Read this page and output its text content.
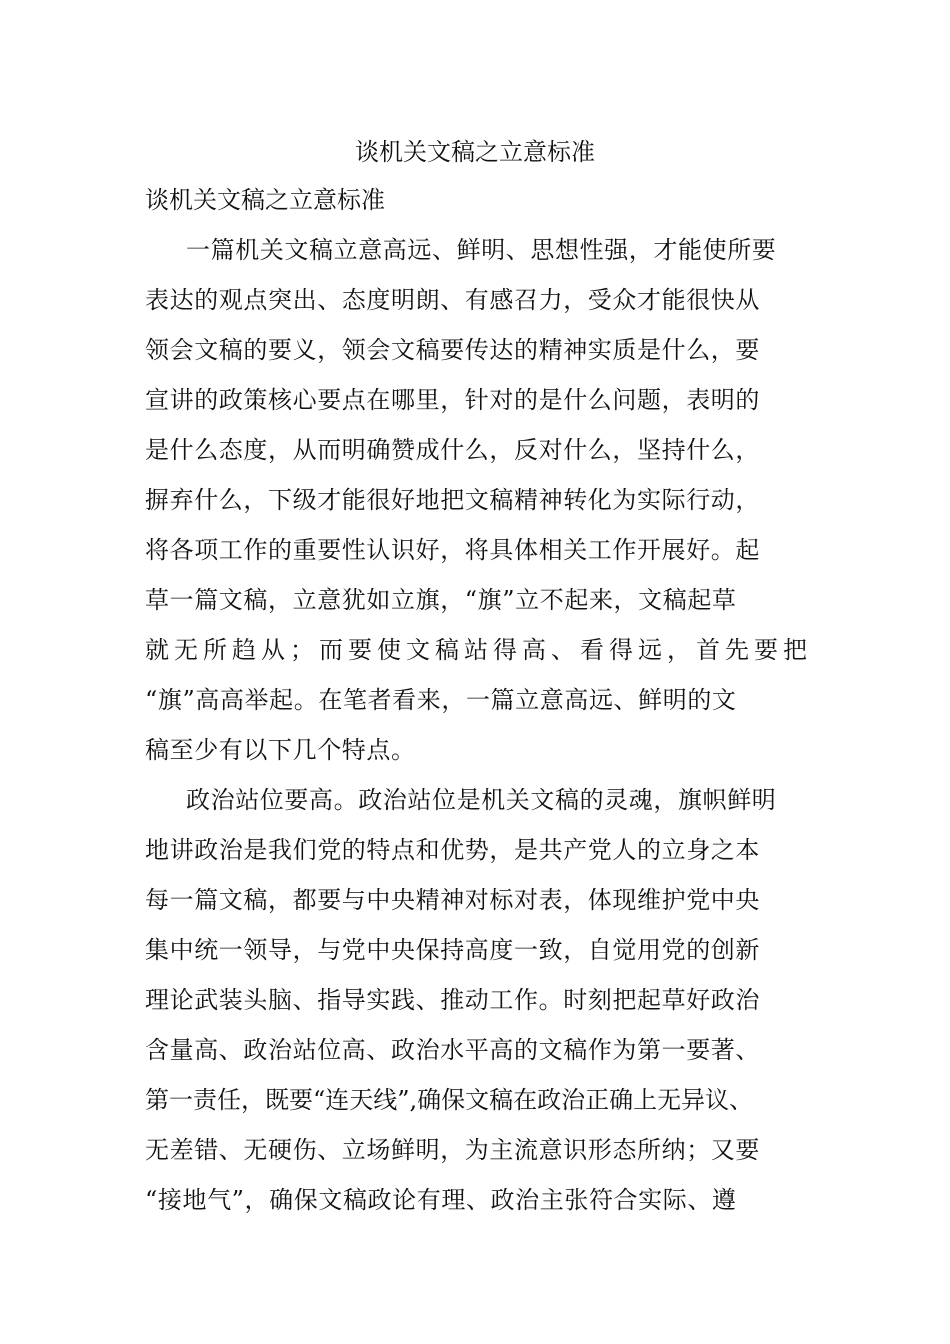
谈机关文稿之立意标准
谈机关文稿之立意标准
一篇机关文稿立意高远、鲜明、思想性强，才能使所要
表达的观点突出、态度明朗、有感召力，受众才能很快从
领会文稿的要义，领会文稿要传达的精神实质是什么，要
宣讲的政策核心要点在哪里，针对的是什么问题，表明的
是什么态度，从而明确赞成什么，反对什么，坚持什么，
摒弃什么，下级才能很好地把文稿精神转化为实际行动，
将各项工作的重要性认识好，将具体相关工作开展好。起
草一篇文稿，立意犹如立旗，“旗”立不起来，文稿起草
就无所趋从；而要使文稿站得高、看得远，首先要把
“旗”高高举起。在笔者看来，一篇立意高远、鲜明的文
稿至少有以下几个特点。
政治站位要高。政治站位是机关文稿的灵魂，旗帜鲜明
地讲政治是我们党的特点和优势，是共产党人的立身之本
每一篇文稿，都要与中央精神对标对表，体现维护党中央
集中统一领导，与党中央保持高度一致，自觉用党的创新
理论武装头脑、指导实践、推动工作。时刻把起草好政治
含量高、政治站位高、政治水平高的文稿作为第一要著、
第一责任，既要“连天线”,确保文稿在政治正确上无异议、
无差错、无硬伤、立场鲜明，为主流意识形态所纳；又要
“接地气”，确保文稿政论有理、政治主张符合实际、遵
